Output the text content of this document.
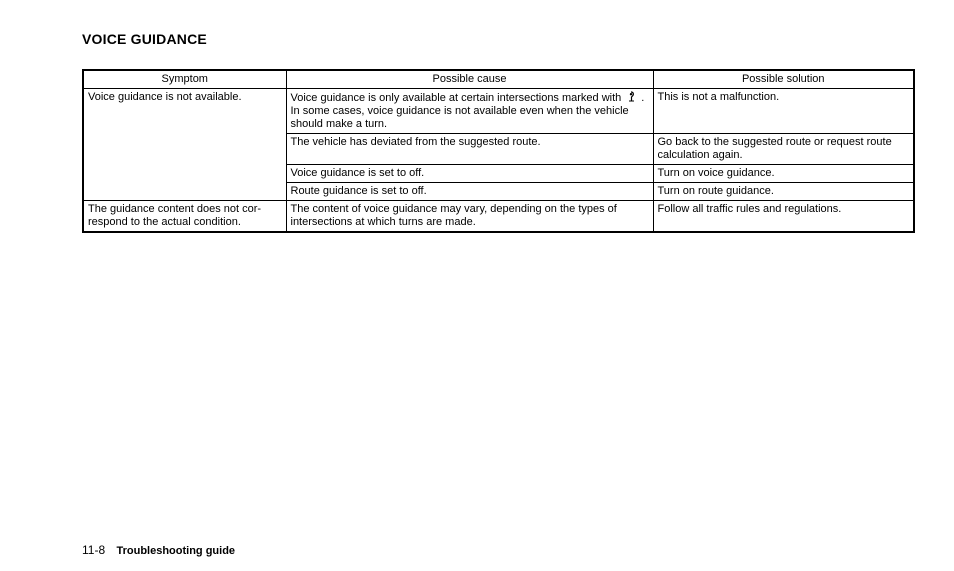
VOICE GUIDANCE
Symptom	Possible cause	Possible solution
Voice guidance is not available.	Voice guidance is only available at certain intersections marked with . In some cases, voice guidance is not available even when the vehicle should make a turn.	This is not a malfunction.
	The vehicle has deviated from the suggested route.	Go back to the suggested route or request route calculation again.
	Voice guidance is set to off.	Turn on voice guidance.
	Route guidance is set to off.	Turn on route guidance.
The guidance content does not cor-respond to the actual condition.	The content of voice guidance may vary, depending on the types of intersections at which turns are made.	Follow all traffic rules and regulations.
11-8 Troubleshooting guide
